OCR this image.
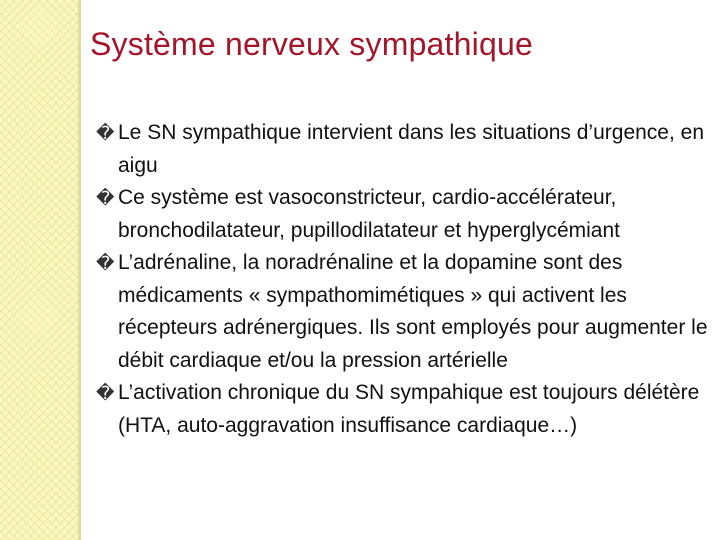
Système nerveux sympathique
� Le SN sympathique intervient dans les situations d’urgence, en aigu
� Ce système est vasoconstricteur, cardio-accélérateur, bronchodilatateur, pupillodilatateur et hyperglycémiant
� L’adrénaline, la noradrénaline et la dopamine sont des médicaments « sympathomimétiques » qui activent les récepteurs adrénergiques. Ils sont employés pour augmenter le débit cardiaque et/ou la pression artérielle
� L’activation chronique du SN sympahique est toujours délétère (HTA, auto-aggravation insuffisance cardiaque…)
